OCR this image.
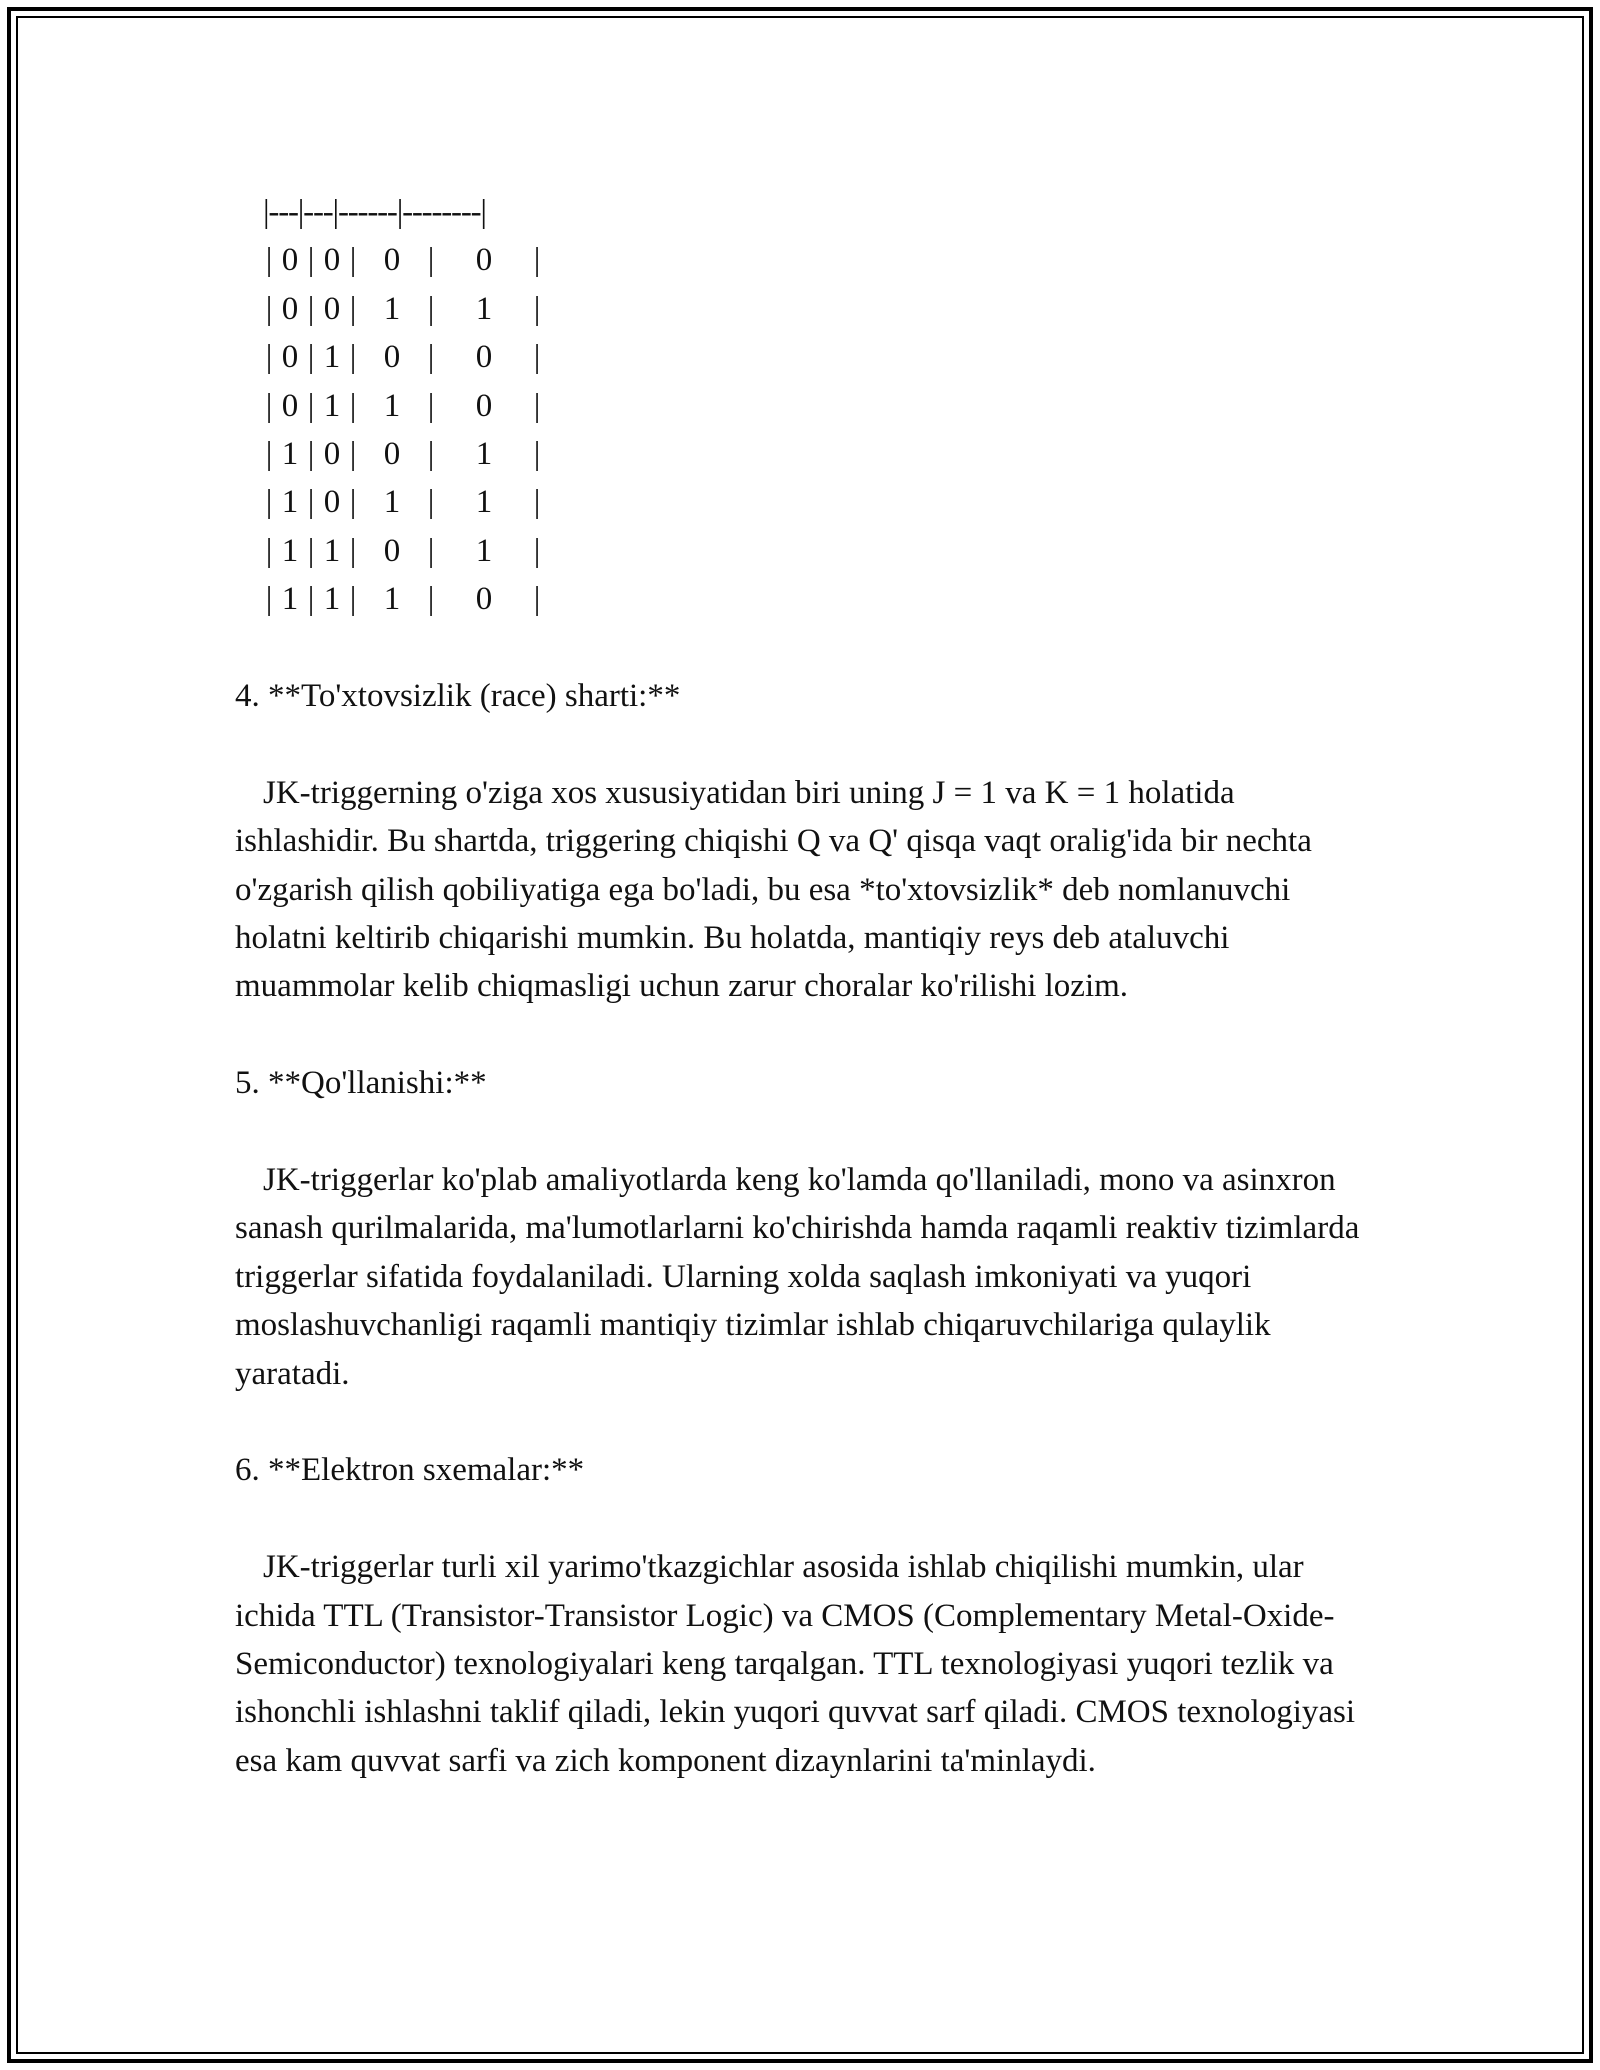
|---|---|------|--------|
| 0 | 0 | 0 | 0 |
| 0 | 0 | 1 | 1 |
| 0 | 1 | 0 | 0 |
| 0 | 1 | 1 | 0 |
| 1 | 0 | 0 | 1 |
| 1 | 0 | 1 | 1 |
| 1 | 1 | 0 | 1 |
| 1 | 1 | 1 | 0 |
4. **To'xtovsizlik (race) sharti:**
JK-triggerning o'ziga xos xususiyatidan biri uning J = 1 va K = 1 holatida ishlashidir. Bu shartda, triggering chiqishi Q va Q' qisqa vaqt oralig'ida bir nechta o'zgarish qilish qobiliyatiga ega bo'ladi, bu esa *to'xtovsizlik* deb nomlanuvchi holatni keltirib chiqarishi mumkin. Bu holatda, mantiqiy reys deb ataluvchi muammolar kelib chiqmasligi uchun zarur choralar ko'rilishi lozim.
5. **Qo'llanishi:**
JK-triggerlar ko'plab amaliyotlarda keng ko'lamda qo'llaniladi, mono va asinxron sanash qurilmalarida, ma'lumotlarlarni ko'chirishda hamda raqamli reaktiv tizimlarda triggerlar sifatida foydalaniladi. Ularning xolda saqlash imkoniyati va yuqori moslashuvchanligi raqamli mantiqiy tizimlar ishlab chiqaruvchilariga qulaylik yaratadi.
6. **Elektron sxemalar:**
JK-triggerlar turli xil yarimo'tkazgichlar asosida ishlab chiqilishi mumkin, ular ichida TTL (Transistor-Transistor Logic) va CMOS (Complementary Metal-Oxide-Semiconductor) texnologiyalari keng tarqalgan. TTL texnologiyasi yuqori tezlik va ishonchli ishlashni taklif qiladi, lekin yuqori quvvat sarf qiladi. CMOS texnologiyasi esa kam quvvat sarfi va zich komponent dizaynlarini ta'minlaydi.
